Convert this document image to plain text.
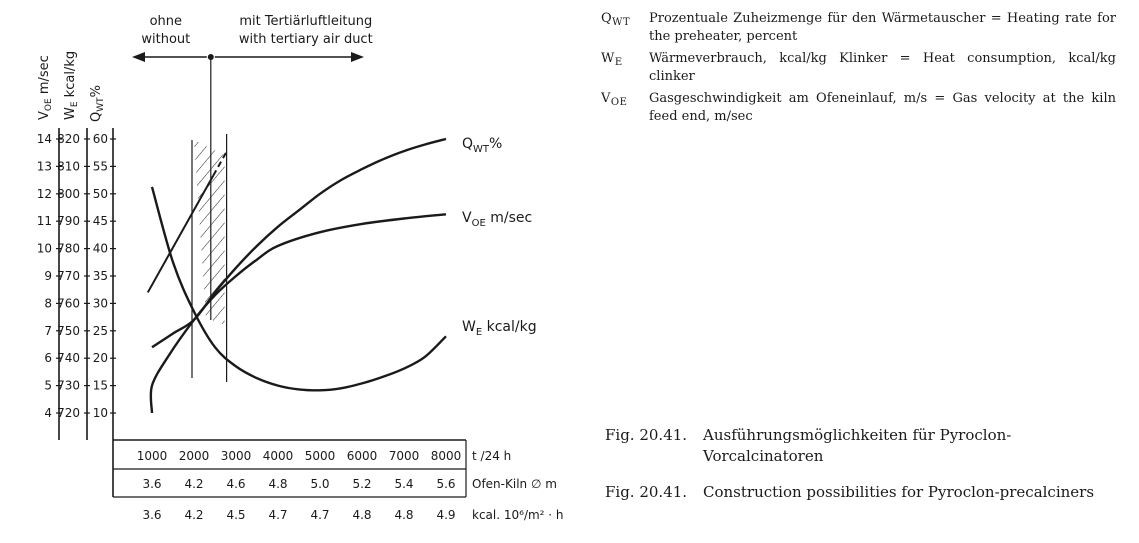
4
5
6
7
8
9
10
11
12
13
14
720
730
740
750
760
770
780
790
800
810
820
10
15
20
25
30
35
40
45
50
55
60
$V_{OE}$ m/sec
$W_E$ kcal/kg
$Q_{WT}\%$
1000 2000 3000 4000 5000 6000 7000 8000 t /24 h
3.6 4.2 4.6 4.8 5.0 5.2 5.4 5.6 Ofen-Kiln ∅ m
3.6 4.2 4.5 4.7 4.7 4.8 4.8 4.9 kcal. 10⁶/m² · h
ohne
without
mit Tertiärluftleitung
with tertiary air duct
$Q_{WT}\%$
$V_{OE}$ m/sec
$W_E$ kcal/kg
$Q_{WT}$	Prozentuale Zuheizmenge für den Wärmetauscher = Heating rate for the preheater, percent
$W_E$	Wärmeverbrauch, kcal/kg Klinker = Heat consumption, kcal/kg clinker
$V_{OE}$	Gasgeschwindigkeit am Ofeneinlauf, m/s = Gas velocity at the kiln feed end, m/sec
Fig. 20.41.	Ausführungsmöglichkeiten für Pyroclon-Vorcalcinatoren
Fig. 20.41.	Construction possibilities for Pyroclon-precalciners
